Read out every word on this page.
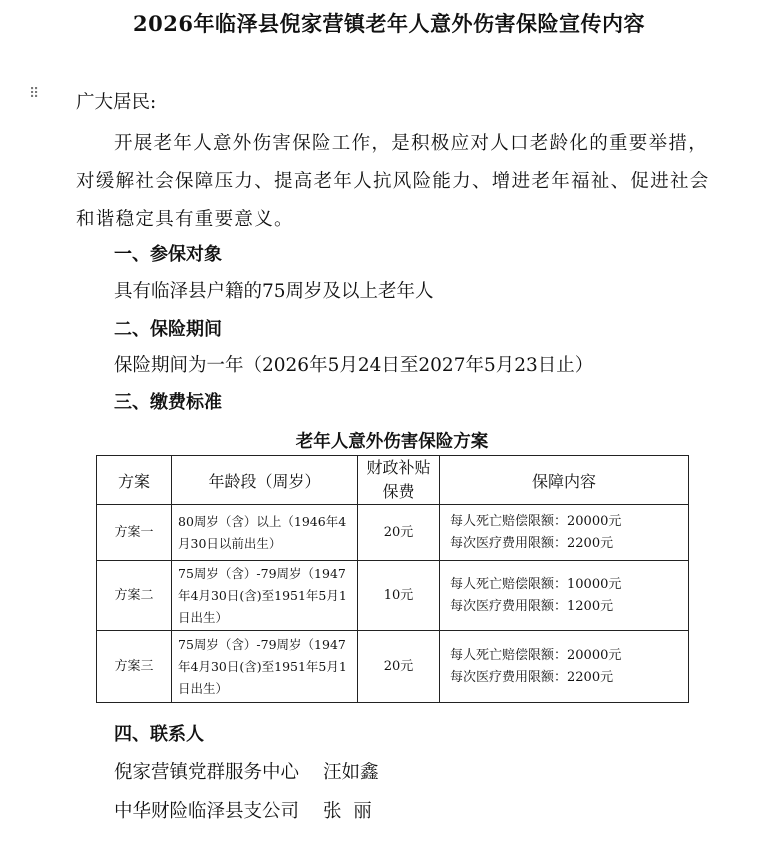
2026年临泽县倪家营镇老年人意外伤害保险宣传内容
⠿ 广大居民:
开展老年人意外伤害保险工作，是积极应对人口老龄化的重要举措，对缓解社会保障压力、提高老年人抗风险能力、增进老年福祉、促进社会和谐稳定具有重要意义。
一、参保对象
具有临泽县户籍的75周岁及以上老年人
二、保险期间
保险期间为一年（2026年5月24日至2027年5月23日止）
三、缴费标准
老年人意外伤害保险方案
方案	年龄段（周岁）	财政补贴保费	保障内容
方案一	80周岁（含）以上（1946年4月30日以前出生）	20元	每人死亡赔偿限额：20000元
每次医疗费用限额：2200元

方案二	75周岁（含）-79周岁（1947年4月30日(含)至1951年5月1日出生）	10元	每人死亡赔偿限额：10000元
每次医疗费用限额：1200元

方案三	75周岁（含）-79周岁（1947年4月30日(含)至1951年5月1日出生）	20元	每人死亡赔偿限额：20000元
每次医疗费用限额：2200元
四、联系人
倪家营镇党群服务中心 汪如鑫
中华财险临泽县支公司 张  丽
